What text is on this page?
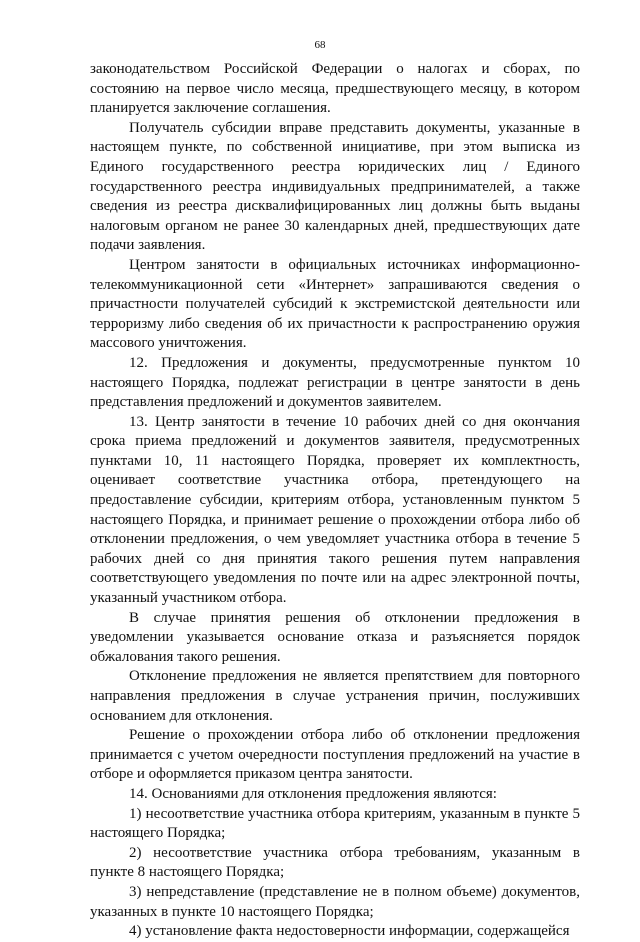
68

законодательством Российской Федерации о налогах и сборах, по состоянию на первое число месяца, предшествующего месяцу, в котором планируется заключение соглашения.

Получатель субсидии вправе представить документы, указанные в настоящем пункте, по собственной инициативе, при этом выписка из Единого государственного реестра юридических лиц / Единого государственного реестра индивидуальных предпринимателей, а также сведения из реестра дисквалифицированных лиц должны быть выданы налоговым органом не ранее 30 календарных дней, предшествующих дате подачи заявления.

Центром занятости в официальных источниках информационно-телекоммуникационной сети «Интернет» запрашиваются сведения о причастности получателей субсидий к экстремистской деятельности или терроризму либо сведения об их причастности к распространению оружия массового уничтожения.

12. Предложения и документы, предусмотренные пунктом 10 настоящего Порядка, подлежат регистрации в центре занятости в день представления предложений и документов заявителем.

13. Центр занятости в течение 10 рабочих дней со дня окончания срока приема предложений и документов заявителя, предусмотренных пунктами 10, 11 настоящего Порядка, проверяет их комплектность, оценивает соответствие участника отбора, претендующего на предоставление субсидии, критериям отбора, установленным пунктом 5 настоящего Порядка, и принимает решение о прохождении отбора либо об отклонении предложения, о чем уведомляет участника отбора в течение 5 рабочих дней со дня принятия такого решения путем направления соответствующего уведомления по почте или на адрес электронной почты, указанный участником отбора.

В случае принятия решения об отклонении предложения в уведомлении указывается основание отказа и разъясняется порядок обжалования такого решения.

Отклонение предложения не является препятствием для повторного направления предложения в случае устранения причин, послуживших основанием для отклонения.

Решение о прохождении отбора либо об отклонении предложения принимается с учетом очередности поступления предложений на участие в отборе и оформляется приказом центра занятости.

14. Основаниями для отклонения предложения являются:

1) несоответствие участника отбора критериям, указанным в пункте 5 настоящего Порядка;

2) несоответствие участника отбора требованиям, указанным в пункте 8 настоящего Порядка;

3) непредставление (представление не в полном объеме) документов, указанных в пункте 10 настоящего Порядка;

4) установление факта недостоверности информации, содержащейся
